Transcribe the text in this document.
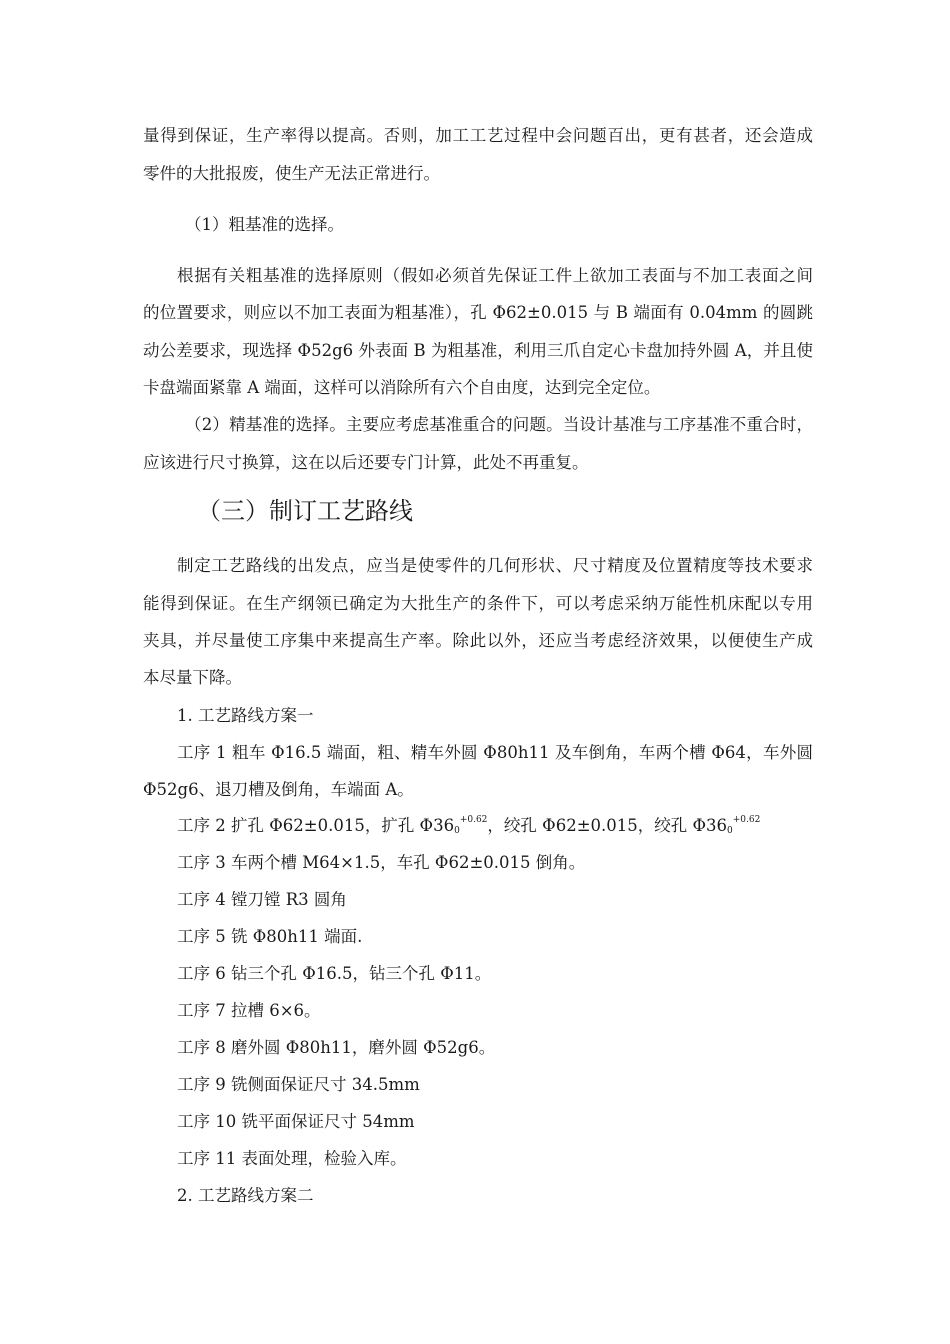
量得到保证，生产率得以提高。否则，加工工艺过程中会问题百出，更有甚者，还会造成
零件的大批报废，使生产无法正常进行。
（1）粗基准的选择。
根据有关粗基准的选择原则（假如必须首先保证工件上欲加工表面与不加工表面之间
的位置要求，则应以不加工表面为粗基准），孔 Φ62±0.015 与 B 端面有 0.04mm 的圆跳
动公差要求，现选择 Φ52g6 外表面 B 为粗基准，利用三爪自定心卡盘加持外圆 A，并且使
卡盘端面紧靠 A 端面，这样可以消除所有六个自由度，达到完全定位。
（2）精基准的选择。主要应考虑基准重合的问题。当设计基准与工序基准不重合时，
应该进行尺寸换算，这在以后还要专门计算，此处不再重复。
（三）制订工艺路线
制定工艺路线的出发点，应当是使零件的几何形状、尺寸精度及位置精度等技术要求
能得到保证。在生产纲领已确定为大批生产的条件下，可以考虑采纳万能性机床配以专用
夹具，并尽量使工序集中来提高生产率。除此以外，还应当考虑经济效果，以便使生产成
本尽量下降。
1. 工艺路线方案一
工序 1 粗车 Φ16.5 端面，粗、精车外圆 Φ80h11 及车倒角，车两个槽 Φ64，车外圆
Φ52g6、退刀槽及倒角，车端面 A。
工序 2 扩孔 Φ62±0.015，扩孔 $\Phi 36_0^{+0.62}$，绞孔 Φ62±0.015，绞孔 $\Phi 36_0^{+0.62}$
工序 3 车两个槽 M64×1.5，车孔 Φ62±0.015 倒角。
工序 4 镗刀镗 R3 圆角
工序 5 铣 Φ80h11 端面.
工序 6 钻三个孔 Φ16.5，钻三个孔 Φ11。
工序 7 拉槽 6×6。
工序 8 磨外圆 Φ80h11，磨外圆 Φ52g6。
工序 9 铣侧面保证尺寸 34.5mm
工序 10 铣平面保证尺寸 54mm
工序 11 表面处理，检验入库。
2. 工艺路线方案二
